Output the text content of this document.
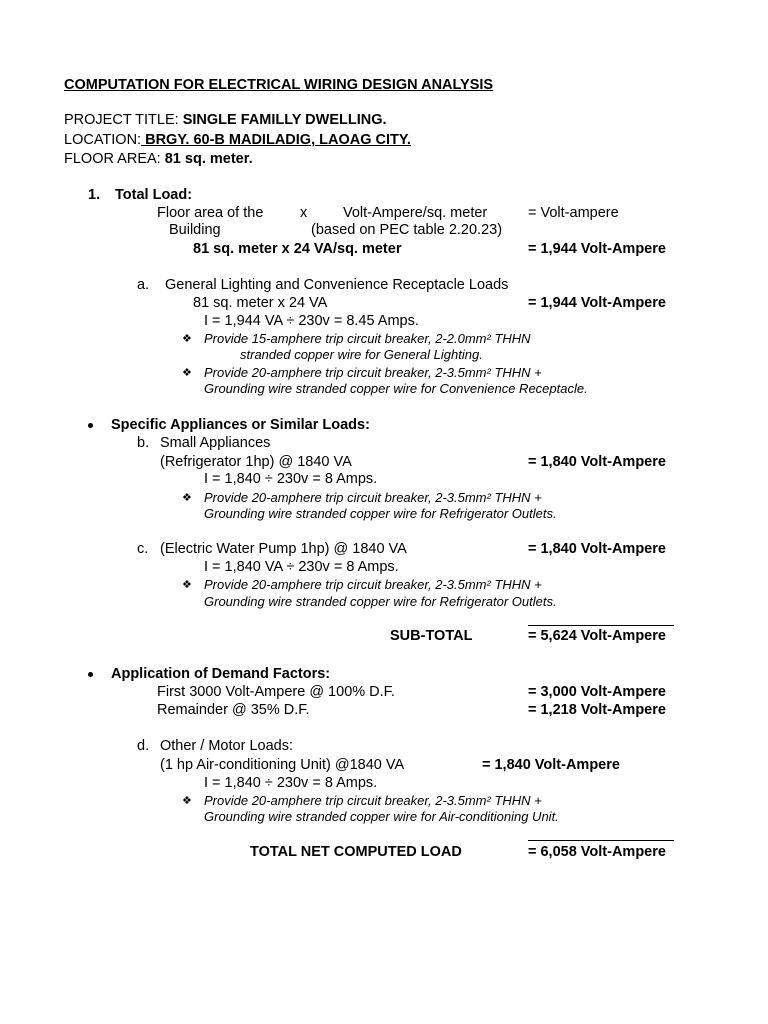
COMPUTATION FOR ELECTRICAL WIRING DESIGN ANALYSIS
PROJECT TITLE: SINGLE FAMILLY DWELLING.
LOCATION: BRGY. 60-B MADILADIG, LAOAG CITY.
FLOOR AREA: 81 sq. meter.
1. Total Load:
Floor area of the	x Volt-Ampere/sq. meter	= Volt-ampere
Building	(based on PEC table 2.20.23)
81 sq. meter x 24 VA/sq. meter	= 1,944 Volt-Ampere
a. General Lighting and Convenience Receptacle Loads
81 sq. meter x 24 VA	= 1,944 Volt-Ampere
I = 1,944 VA ÷ 230v = 8.45 Amps.
❖ Provide 15-amphere trip circuit breaker, 2-2.0mm² THHN
stranded copper wire for General Lighting.
❖ Provide 20-amphere trip circuit breaker, 2-3.5mm² THHN +
Grounding wire stranded copper wire for Convenience Receptacle.
Specific Appliances or Similar Loads:
b. Small Appliances
(Refrigerator 1hp) @ 1840 VA	= 1,840 Volt-Ampere
I = 1,840 ÷ 230v = 8 Amps.
❖ Provide 20-amphere trip circuit breaker, 2-3.5mm² THHN +
Grounding wire stranded copper wire for Refrigerator Outlets.
c. (Electric Water Pump 1hp) @ 1840 VA	= 1,840 Volt-Ampere
I = 1,840 VA ÷ 230v = 8 Amps.
❖ Provide 20-amphere trip circuit breaker, 2-3.5mm² THHN +
Grounding wire stranded copper wire for Refrigerator Outlets.
SUB-TOTAL	= 5,624 Volt-Ampere
Application of Demand Factors:
First 3000 Volt-Ampere @ 100% D.F.	= 3,000 Volt-Ampere
Remainder @ 35% D.F.	= 1,218 Volt-Ampere
d. Other / Motor Loads:
(1 hp Air-conditioning Unit) @1840 VA	= 1,840 Volt-Ampere
I = 1,840 ÷ 230v = 8 Amps.
❖ Provide 20-amphere trip circuit breaker, 2-3.5mm² THHN +
Grounding wire stranded copper wire for Air-conditioning Unit.
TOTAL NET COMPUTED LOAD	= 6,058 Volt-Ampere
